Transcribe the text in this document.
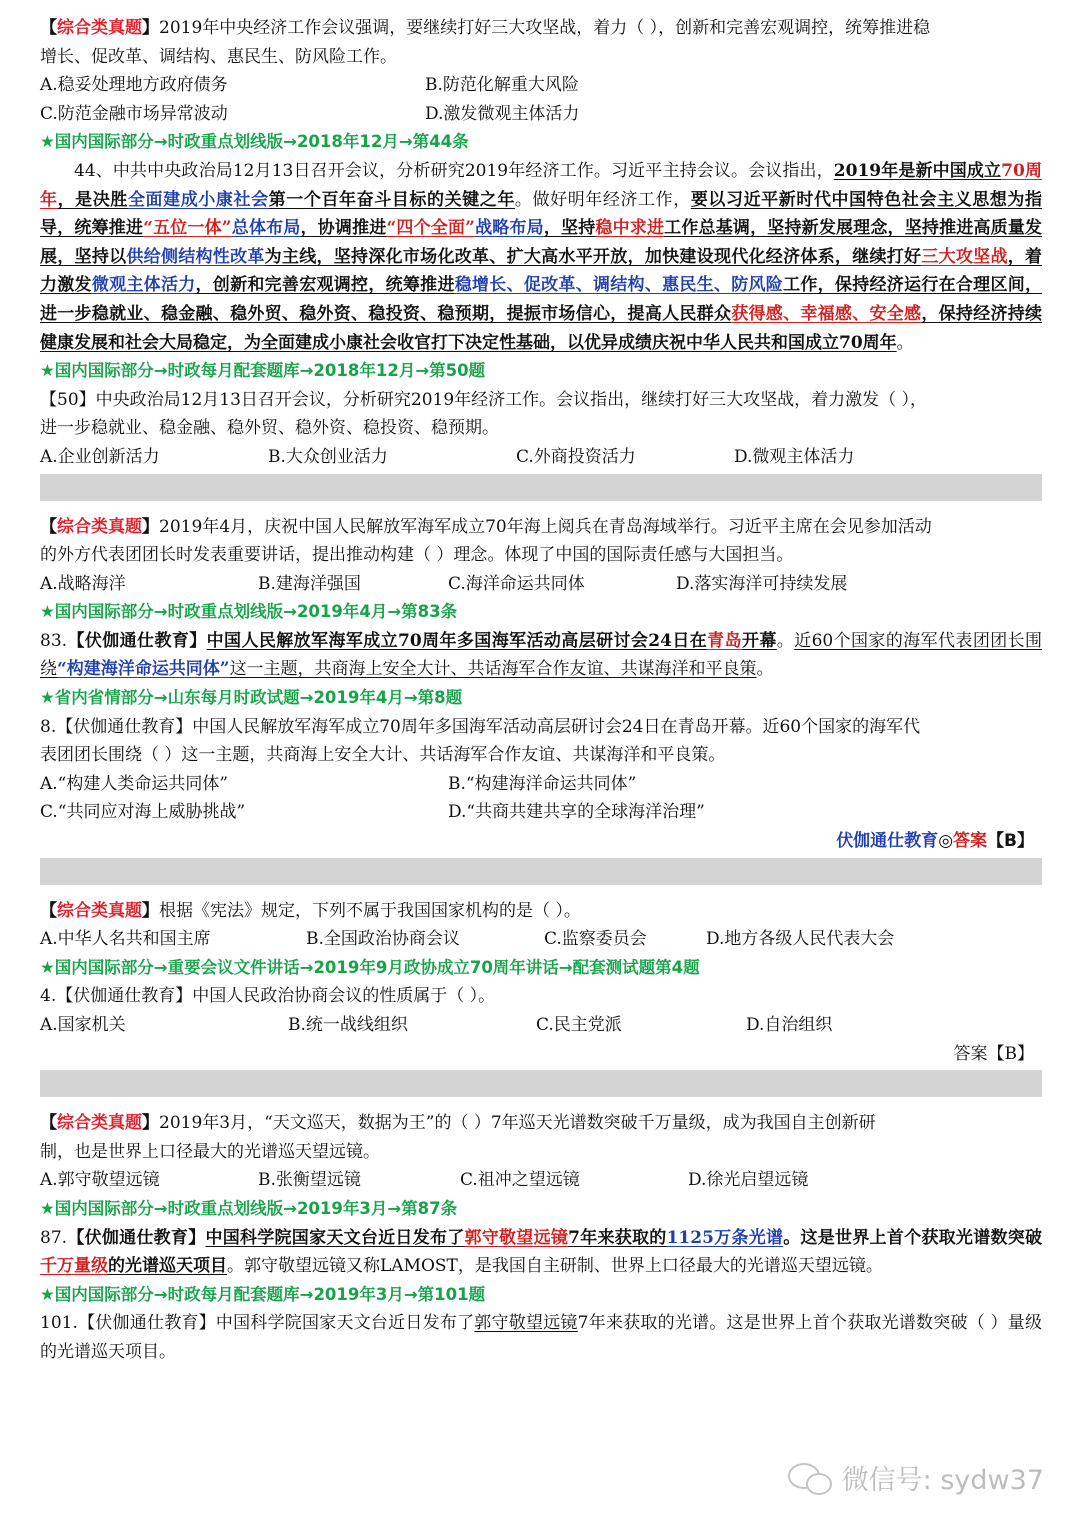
【综合类真题】2019年中央经济工作会议强调，要继续打好三大攻坚战，着力（ ），创新和完善宏观调控，统筹推进稳
增长、促改革、调结构、惠民生、防风险工作。
A.稳妥处理地方政府债务	B.防范化解重大风险
C.防范金融市场异常波动	D.激发微观主体活力
★国内国际部分→时政重点划线版→2018年12月→第44条
44、中共中央政治局12月13日召开会议，分析研究2019年经济工作。习近平主持会议。会议指出，2019年是新中国成立70周年，是决胜全面建成小康社会第一个百年奋斗目标的关键之年。做好明年经济工作，要以习近平新时代中国特色社会主义思想为指导，统筹推进“五位一体”总体布局，协调推进“四个全面”战略布局，坚持稳中求进工作总基调，坚持新发展理念，坚持推进高质量发展，坚持以供给侧结构性改革为主线，坚持深化市场化改革、扩大高水平开放，加快建设现代化经济体系，继续打好三大攻坚战，着力激发微观主体活力，创新和完善宏观调控，统筹推进稳增长、促改革、调结构、惠民生、防风险工作，保持经济运行在合理区间，进一步稳就业、稳金融、稳外贸、稳外资、稳投资、稳预期，提振市场信心，提高人民群众获得感、幸福感、安全感，保持经济持续健康发展和社会大局稳定，为全面建成小康社会收官打下决定性基础，以优异成绩庆祝中华人民共和国成立70周年。
★国内国际部分→时政每月配套题库→2018年12月→第50题
【50】中央政治局12月13日召开会议，分析研究2019年经济工作。会议指出，继续打好三大攻坚战，着力激发（ ），
进一步稳就业、稳金融、稳外贸、稳外资、稳投资、稳预期。
A.企业创新活力	B.大众创业活力	C.外商投资活力	D.微观主体活力
【综合类真题】2019年4月，庆祝中国人民解放军海军成立70年海上阅兵在青岛海域举行。习近平主席在会见参加活动
的外方代表团团长时发表重要讲话，提出推动构建（ ）理念。体现了中国的国际责任感与大国担当。
A.战略海洋	B.建海洋强国	C.海洋命运共同体	D.落实海洋可持续发展
★国内国际部分→时政重点划线版→2019年4月→第83条
83.【伏伽通仕教育】中国人民解放军海军成立70周年多国海军活动高层研讨会24日在青岛开幕。近60个国家的海军代表团团长围绕“构建海洋命运共同体”这一主题，共商海上安全大计、共话海军合作友谊、共谋海洋和平良策。
★省内省情部分→山东每月时政试题→2019年4月→第8题
8.【伏伽通仕教育】中国人民解放军海军成立70周年多国海军活动高层研讨会24日在青岛开幕。近60个国家的海军代
表团团长围绕（ ）这一主题，共商海上安全大计、共话海军合作友谊、共谋海洋和平良策。
A.“构建人类命运共同体”	B.“构建海洋命运共同体”
C.“共同应对海上威胁挑战”	D.“共商共建共享的全球海洋治理”
伏伽通仕教育◎答案【B】
【综合类真题】根据《宪法》规定，下列不属于我国国家机构的是（ ）。
A.中华人名共和国主席	B.全国政治协商会议	C.监察委员会	D.地方各级人民代表大会
★国内国际部分→重要会议文件讲话→2019年9月政协成立70周年讲话→配套测试题第4题
4.【伏伽通仕教育】中国人民政治协商会议的性质属于（ ）。
A.国家机关	B.统一战线组织	C.民主党派	D.自治组织
答案【B】
【综合类真题】2019年3月，“天文巡天，数据为王”的（ ）7年巡天光谱数突破千万量级，成为我国自主创新研
制，也是世界上口径最大的光谱巡天望远镜。
A.郭守敬望远镜	B.张衡望远镜	C.祖冲之望远镜	D.徐光启望远镜
★国内国际部分→时政重点划线版→2019年3月→第87条
87.【伏伽通仕教育】中国科学院国家天文台近日发布了郭守敬望远镜7年来获取的1125万条光谱。这是世界上首个获取光谱数突破千万量级的光谱巡天项目。郭守敬望远镜又称LAMOST，是我国自主研制、世界上口径最大的光谱巡天望远镜。
★国内国际部分→时政每月配套题库→2019年3月→第101题
101.【伏伽通仕教育】中国科学院国家天文台近日发布了郭守敬望远镜7年来获取的光谱。这是世界上首个获取光谱数突破（ ）量级的光谱巡天项目。
微信号: sydw37
